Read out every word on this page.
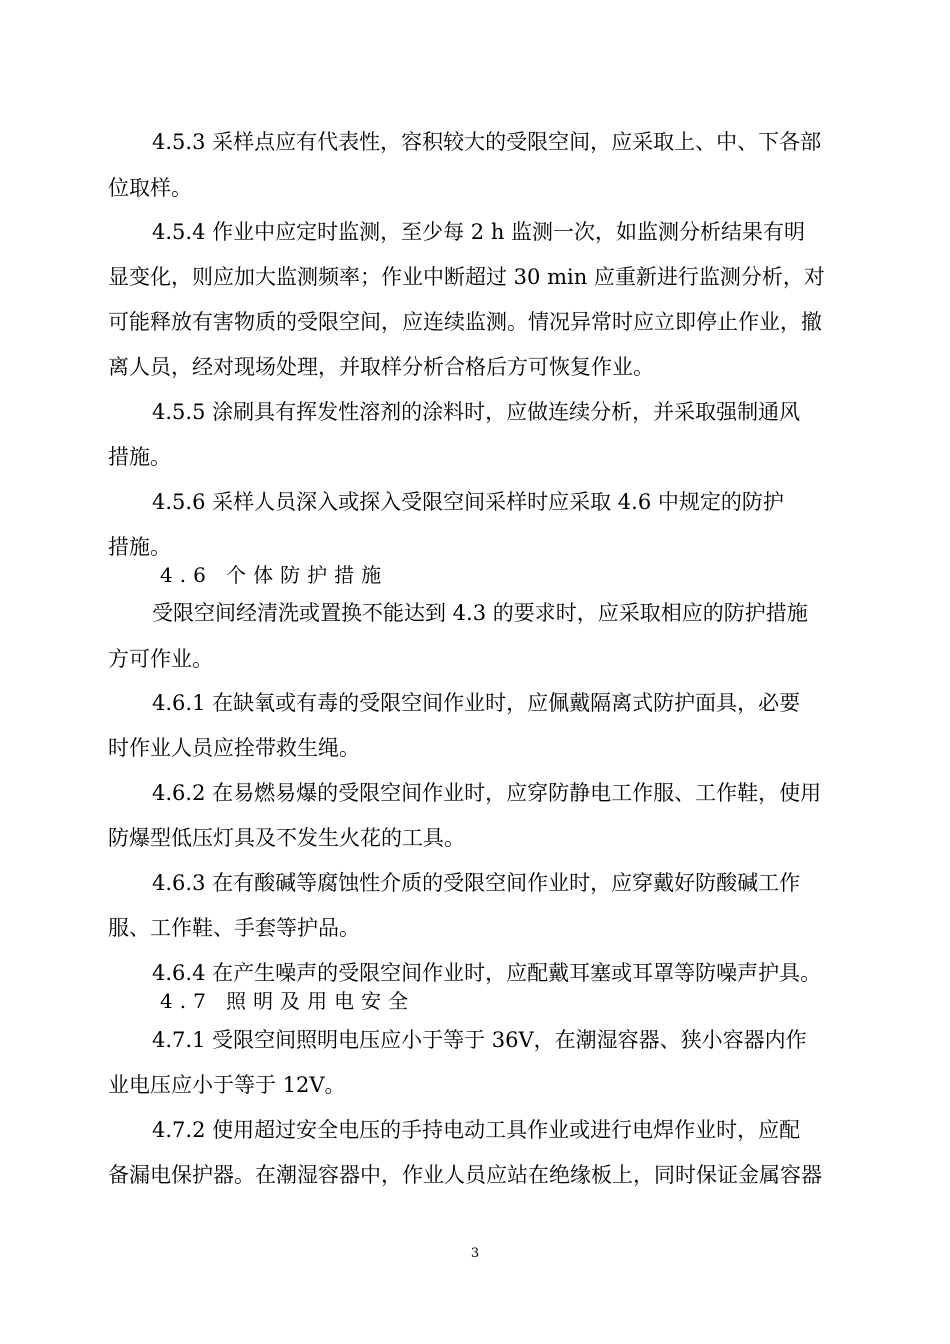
4.5.3 采样点应有代表性，容积较大的受限空间，应采取上、中、下各部
位取样。
4.5.4 作业中应定时监测，至少每 2 h 监测一次，如监测分析结果有明
显变化，则应加大监测频率；作业中断超过 30 min 应重新进行监测分析，对
可能释放有害物质的受限空间，应连续监测。情况异常时应立即停止作业，撤
离人员，经对现场处理，并取样分析合格后方可恢复作业。
4.5.5 涂刷具有挥发性溶剂的涂料时，应做连续分析，并采取强制通风
措施。
4.5.6 采样人员深入或探入受限空间采样时应采取 4.6 中规定的防护
措施。
4.6 个体防护措施
受限空间经清洗或置换不能达到 4.3 的要求时，应采取相应的防护措施
方可作业。
4.6.1 在缺氧或有毒的受限空间作业时，应佩戴隔离式防护面具，必要
时作业人员应拴带救生绳。
4.6.2 在易燃易爆的受限空间作业时，应穿防静电工作服、工作鞋，使用
防爆型低压灯具及不发生火花的工具。
4.6.3 在有酸碱等腐蚀性介质的受限空间作业时，应穿戴好防酸碱工作
服、工作鞋、手套等护品。
4.6.4 在产生噪声的受限空间作业时，应配戴耳塞或耳罩等防噪声护具。
4.7 照明及用电安全
4.7.1 受限空间照明电压应小于等于 36V，在潮湿容器、狭小容器内作
业电压应小于等于 12V。
4.7.2 使用超过安全电压的手持电动工具作业或进行电焊作业时，应配
备漏电保护器。在潮湿容器中，作业人员应站在绝缘板上，同时保证金属容器
3
